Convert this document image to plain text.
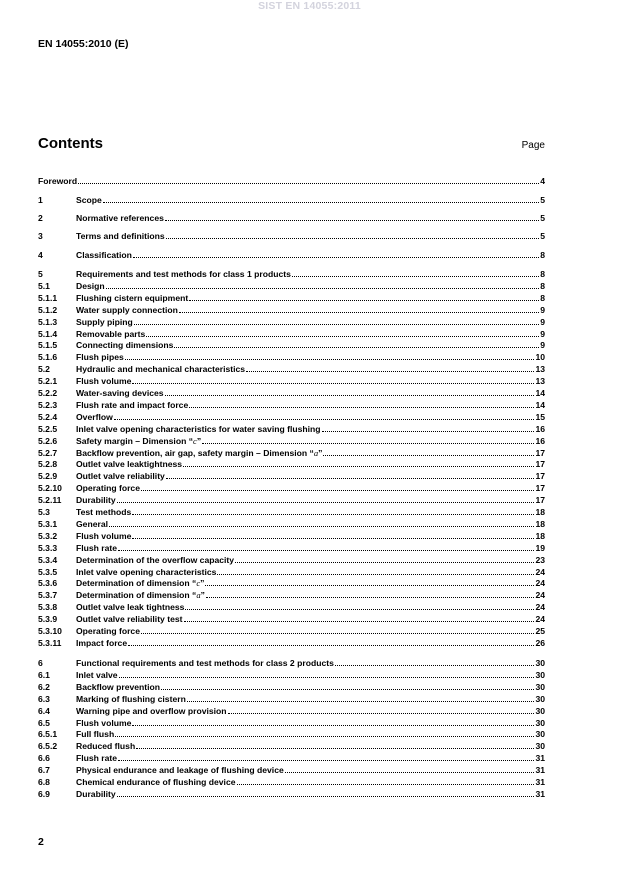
SIST EN 14055:2011
EN 14055:2010 (E)
Contents	Page
Foreword	4
1	Scope	5
2	Normative references	5
3	Terms and definitions	5
4	Classification	8
5	Requirements and test methods for class 1 products	8
5.1	Design	8
5.1.1	Flushing cistern equipment	8
5.1.2	Water supply connection	9
5.1.3	Supply piping	9
5.1.4	Removable parts	9
5.1.5	Connecting dimensions	9
5.1.6	Flush pipes	10
5.2	Hydraulic and mechanical characteristics	13
5.2.1	Flush volume	13
5.2.2	Water-saving devices	14
5.2.3	Flush rate and impact force	14
5.2.4	Overflow	15
5.2.5	Inlet valve opening characteristics for water saving flushing	16
5.2.6	Safety margin – Dimension “c”	16
5.2.7	Backflow prevention, air gap, safety margin – Dimension “a”	17
5.2.8	Outlet valve leaktightness	17
5.2.9	Outlet valve reliability	17
5.2.10	Operating force	17
5.2.11	Durability	17
5.3	Test methods	18
5.3.1	General	18
5.3.2	Flush volume	18
5.3.3	Flush rate	19
5.3.4	Determination of the overflow capacity	23
5.3.5	Inlet valve opening characteristics	24
5.3.6	Determination of dimension “c”	24
5.3.7	Determination of dimension “a”	24
5.3.8	Outlet valve leak tightness	24
5.3.9	Outlet valve reliability test	24
5.3.10	Operating force	25
5.3.11	Impact force	26
6	Functional requirements and test methods for class 2 products	30
6.1	Inlet valve	30
6.2	Backflow prevention	30
6.3	Marking of flushing cistern	30
6.4	Warning pipe and overflow provision	30
6.5	Flush volume	30
6.5.1	Full flush	30
6.5.2	Reduced flush	30
6.6	Flush rate	31
6.7	Physical endurance and leakage of flushing device	31
6.8	Chemical endurance of flushing device	31
6.9	Durability	31
2
